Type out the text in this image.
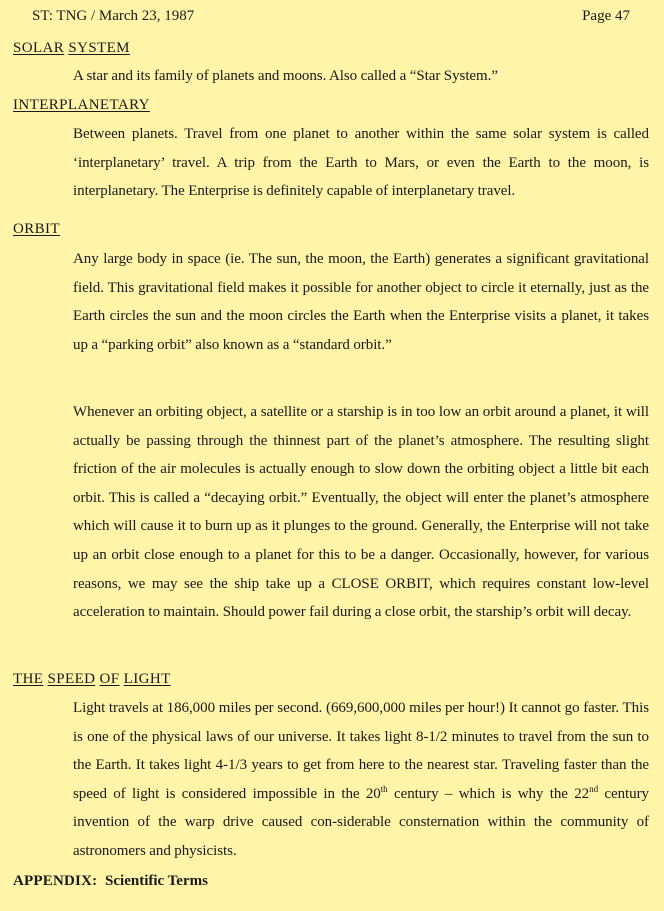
ST: TNG / March 23, 1987	Page 47
SOLAR SYSTEM

A star and its family of planets and moons. Also called a “Star System.”

INTERPLANETARY

Between planets. Travel from one planet to another within the same solar system is called ‘interplanetary’ travel. A trip from the Earth to Mars, or even the Earth to the moon, is interplanetary. The Enterprise is definitely capable of interplanetary travel.

ORBIT

Any large body in space (ie. The sun, the moon, the Earth) generates a significant gravitational field. This gravitational field makes it possible for another object to circle it eternally, just as the Earth circles the sun and the moon circles the Earth when the Enterprise visits a planet, it takes up a “parking orbit” also known as a “standard orbit.”

Whenever an orbiting object, a satellite or a starship is in too low an orbit around a planet, it will actually be passing through the thinnest part of the planet’s atmosphere. The resulting slight friction of the air molecules is actually enough to slow down the orbiting object a little bit each orbit. This is called a “decaying orbit.” Eventually, the object will enter the planet’s atmosphere which will cause it to burn up as it plunges to the ground. Generally, the Enterprise will not take up an orbit close enough to a planet for this to be a danger. Occasionally, however, for various reasons, we may see the ship take up a CLOSE ORBIT, which requires constant low-level acceleration to maintain. Should power fail during a close orbit, the starship’s orbit will decay.

THE SPEED OF LIGHT

Light travels at 186,000 miles per second. (669,600,000 miles per hour!) It cannot go faster. This is one of the physical laws of our universe. It takes light 8-1/2 minutes to travel from the sun to the Earth. It takes light 4-1/3 years to get from here to the nearest star. Traveling faster than the speed of light is considered impossible in the 20th century – which is why the 22nd century invention of the warp drive caused con-siderable consternation within the community of astronomers and physicists.

APPENDIX: Scientific Terms
